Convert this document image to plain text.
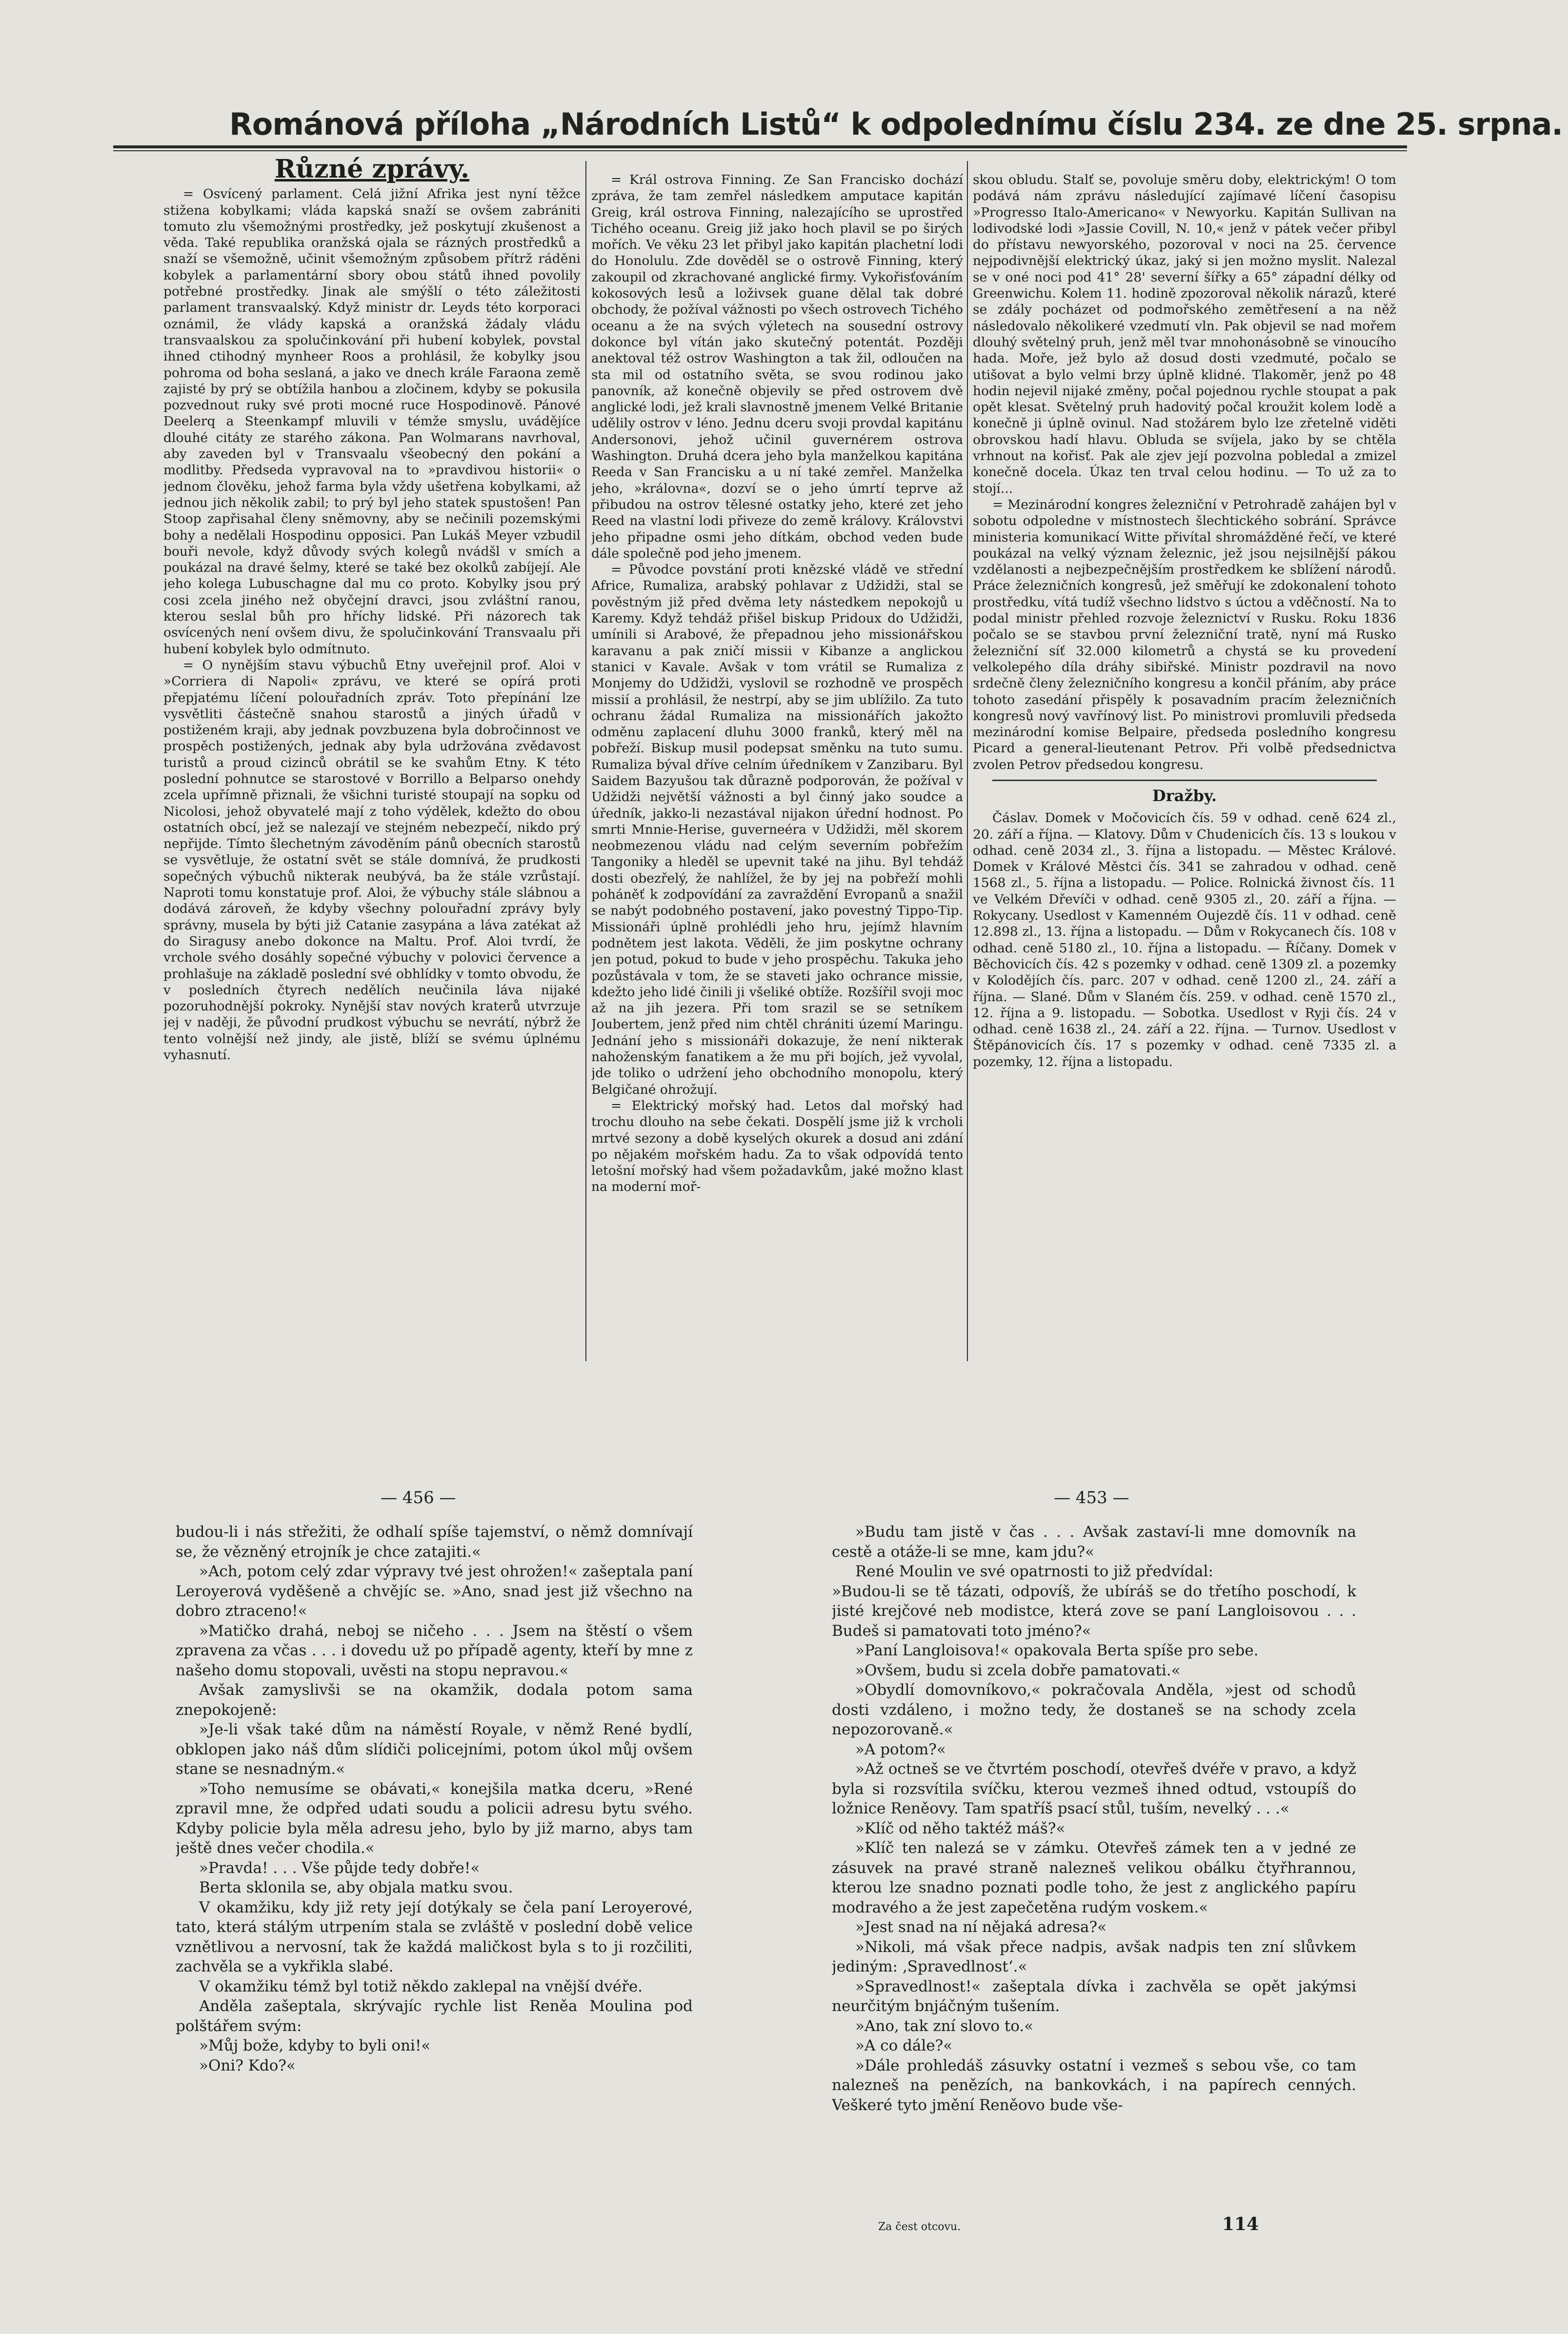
Románová příloha „Národních Listů“ k odpolednímu číslu 234. ze dne 25. srpna.
Různé zprávy.

= Osvícený parlament. Celá jižní Afrika jest nyní těžce stižena kobylkami; vláda kapská snaží se ovšem zabrániti tomuto zlu všemožnými prostředky, jež poskytují zkušenost a věda. Také republika oranžská ojala se rázných prostředků a snaží se všemožně, učinit všemožným způsobem přítrž ráděni kobylek a parlamentární sbory obou států ihned povolily potřebné prostředky. Jinak ale smýšlí o této záležitosti parlament transvaalský. Když ministr dr. Leyds této korporaci oznámil, že vlády kapská a oranžská žádaly vládu transvaalskou za spolučinkování při hubení kobylek, povstal ihned ctihodný mynheer Roos a prohlásil, že kobylky jsou pohroma od boha seslaná, a jako ve dnech krále Faraona země zajisté by prý se obtížila hanbou a zločinem, kdyby se pokusila pozvednout ruky své proti mocné ruce Hospodinově. Pánové Deelerq a Steenkampf mluvili v témže smyslu, uvádějíce dlouhé citáty ze starého zákona. Pan Wolmarans navrhoval, aby zaveden byl v Transvaalu všeobecný den pokání a modlitby. Předseda vypravoval na to »pravdivou historii« o jednom člověku, jehož farma byla vždy ušetřena kobylkami, až jednou jich několik zabil; to prý byl jeho statek spustošen! Pan Stoop zapřisahal členy sněmovny, aby se nečinili pozemskými bohy a nedělali Hospodinu opposici. Pan Lukáš Meyer vzbudil bouři nevole, když důvody svých kolegů nvádšl v smích a poukázal na dravé šelmy, které se také bez okolků zabíjejí. Ale jeho kolega Lubuschagne dal mu co proto. Kobylky jsou prý cosi zcela jiného než obyčejní dravci, jsou zvláštní ranou, kterou seslal bůh pro hříchy lidské. Při názorech tak osvícených není ovšem divu, že spolučinkování Transvaalu při hubení kobylek bylo odmítnuto.

= O nynějším stavu výbuchů Etny uveřejnil prof. Aloi v »Corriera di Napoli« zprávu, ve které se opírá proti přepjatému líčení polouřadních zpráv. Toto přepínání lze vysvětliti částečně snahou starostů a jiných úřadů v postiženém kraji, aby jednak povzbuzena byla dobročinnost ve prospěch postižených, jednak aby byla udržována zvědavost turistů a proud cizinců obrátil se ke svahům Etny. K této poslední pohnutce se starostové v Borrillo a Belparso onehdy zcela upřímně přiznali, že všichni turisté stoupají na sopku od Nicolosi, jehož obyvatelé mají z toho výdělek, kdežto do obou ostatních obcí, jež se nalezají ve stejném nebezpečí, nikdo prý nepřijde. Tímto šlechetným závoděním pánů obecních starostů se vysvětluje, že ostatní svět se stále domnívá, že prudkosti sopečných výbuchů nikterak neubývá, ba že stále vzrůstají. Naproti tomu konstatuje prof. Aloi, že výbuchy stále slábnou a dodává zároveň, že kdyby všechny polouřadní zprávy byly správny, musela by býti již Catanie zasypána a láva zatékat až do Siragusy anebo dokonce na Maltu. Prof. Aloi tvrdí, že vrchole svého dosáhly sopečné výbuchy v polovici července a prohlašuje na základě poslední své obhlídky v tomto obvodu, že v posledních čtyrech nedělích neučinila láva nijaké pozoruhodnější pokroky. Nynější stav nových kraterů utvrzuje jej v naději, že původní prudkost výbuchu se nevrátí, nýbrž že tento volnější než jindy, ale jistě, blíží se svému úplnému vyhasnutí.

= Král ostrova Finning. Ze San Francisko dochází zpráva, že tam zemřel následkem amputace kapitán Greig, král ostrova Finning, nalezajícího se uprostřed Tichého oceanu. Greig již jako hoch plavil se po širých mořích. Ve věku 23 let přibyl jako kapitán plachetní lodi do Honolulu. Zde dověděl se o ostrově Finning, který zakoupil od zkrachované anglické firmy. Vykořisťováním kokosových lesů a loživsek guane dělal tak dobré obchody, že požíval vážnosti po všech ostrovech Tichého oceanu a že na svých výletech na sousední ostrovy dokonce byl vítán jako skutečný potentát. Později anektoval též ostrov Washington a tak žil, odloučen na sta mil od ostatního světa, se svou rodinou jako panovník, až konečně objevily se před ostrovem dvě anglické lodi, jež krali slavnostně jmenem Velké Britanie udělily ostrov v léno. Jednu dceru svoji provdal kapitánu Andersonovi, jehož učinil guvernérem ostrova Washington. Druhá dcera jeho byla manželkou kapitána Reeda v San Francisku a u ní také zemřel. Manželka jeho, »královna«, dozví se o jeho úmrtí teprve až přibudou na ostrov tělesné ostatky jeho, které zet jeho Reed na vlastní lodi přiveze do země královy. Královstvi jeho připadne osmi jeho dítkám, obchod veden bude dále společně pod jeho jmenem.

= Původce povstání proti knězské vládě ve střední Africe, Rumaliza, arabský pohlavar z Udžidži, stal se pověstným již před dvěma lety nástedkem nepokojů u Karemy. Když tehdáž přišel biskup Pridoux do Udžidži, umínili si Arabové, že přepadnou jeho missionářskou karavanu a pak zničí missii v Kibanze a anglickou stanici v Kavale. Avšak v tom vrátil se Rumaliza z Monjemy do Udžidži, vyslovil se rozhodně ve prospěch missií a prohlásil, že nestrpí, aby se jim ublížilo. Za tuto ochranu žádal Rumaliza na missionářích jakožto odměnu zaplacení dluhu 3000 franků, který měl na pobřeží. Biskup musil podepsat směnku na tuto sumu. Rumaliza býval dříve celním úředníkem v Zanzibaru. Byl Saidem Bazyušou tak důrazně podporován, že požíval v Udžidži největší vážnosti a byl činný jako soudce a úředník, jakko-li nezastával nijakon úřední hodnost. Po smrti Mnnie-Herise, guverneéra v Udžidži, měl skorem neobmezenou vládu nad celým severním pobřežím Tangoniky a hleděl se upevnit také na jihu. Byl tehdáž dosti obezřelý, že nahlížel, že by jej na pobřeží mohli poháněť k zodpovídání za zavraždění Evropanů a snažil se nabýt podobného postavení, jako povestný Tippo-Tip. Missionáři úplně prohlédli jeho hru, jejímž hlavním podnětem jest lakota. Věděli, že jim poskytne ochrany jen potud, pokud to bude v jeho prospěchu. Takuka jeho pozůstávala v tom, že se staveti jako ochrance missie, kdežto jeho lidé činili ji všeliké obtíže. Rozšířil svoji moc až na jih jezera. Při tom srazil se se setníkem Joubertem, jenž před nim chtěl chrániti území Maringu. Jednání jeho s missionáři dokazuje, že není nikterak nahoženským fanatikem a že mu při bojích, jež vyvolal, jde toliko o udržení jeho obchodního monopolu, který Belgičané ohrožují.

= Elektrický mořský had. Letos dal mořský had trochu dlouho na sebe čekati. Dospělí jsme již k vrcholi mrtvé sezony a době kyselých okurek a dosud ani zdání po nějakém mořském hadu. Za to však odpovídá tento letošní mořský had všem požadavkům, jaké možno klast na moderní moř-

skou obludu. Stalť se, povoluje směru doby, elektrickým! O tom podává nám zprávu následující zajímavé líčení časopisu »Progresso Italo-Americano« v Newyorku. Kapitán Sullivan na lodivodské lodi »Jassie Covill, N. 10,« jenž v pátek večer přibyl do přístavu newyorského, pozoroval v noci na 25. července nejpodivnější elektrický úkaz, jaký si jen možno myslit. Nalezal se v oné noci pod 41° 28' severní šířky a 65° západní délky od Greenwichu. Kolem 11. hodině zpozoroval několik nárazů, které se zdály pocházet od podmořského zemětřesení a na něž následovalo několikeré vzedmutí vln. Pak objevil se nad mořem dlouhý světelný pruh, jenž měl tvar mnohonásobně se vinoucího hada. Moře, jež bylo až dosud dosti vzedmuté, počalo se utišovat a bylo velmi brzy úplně klidné. Tlakoměr, jenž po 48 hodin nejevil nijaké změny, počal pojednou rychle stoupat a pak opět klesat. Světelný pruh hadovitý počal kroužit kolem lodě a konečně ji úplně ovinul. Nad stožárem bylo lze zřetelně viděti obrovskou hadí hlavu. Obluda se svíjela, jako by se chtěla vrhnout na kořisť. Pak ale zjev její pozvolna pobledal a zmizel konečně docela. Úkaz ten trval celou hodinu. — To už za to stojí...

= Mezinárodní kongres železniční v Petrohradě zahájen byl v sobotu odpoledne v místnostech šlechtického sobrání. Správce ministeria komunikací Witte přivítal shromážděné řečí, ve které poukázal na velký význam železnic, jež jsou nejsilnější pákou vzdělanosti a nejbezpečnějším prostředkem ke sblížení národů. Práce železničních kongresů, jež směřují ke zdokonalení tohoto prostředku, vítá tudíž všechno lidstvo s úctou a vděčností. Na to podal ministr přehled rozvoje železnictví v Rusku. Roku 1836 počalo se se stavbou první železniční tratě, nyní má Rusko železniční síť 32.000 kilometrů a chystá se ku provedení velkolepého díla dráhy sibiřské. Ministr pozdravil na novo srdečně členy železničního kongresu a končil přáním, aby práce tohoto zasedání přispěly k posavadním pracím železničních kongresů nový vavřínový list. Po ministrovi promluvili předseda mezinárodní komise Belpaire, předseda posledního kongresu Picard a general-lieutenant Petrov. Při volbě předsednictva zvolen Petrov předsedou kongresu.

Dražby.

Čáslav. Domek v Močovicích čís. 59 v odhad. ceně 624 zl., 20. září a října. — Klatovy. Dům v Chudenicích čís. 13 s loukou v odhad. ceně 2034 zl., 3. října a listopadu. — Městec Králové. Domek v Králové Městci čís. 341 se zahradou v odhad. ceně 1568 zl., 5. října a listopadu. — Police. Rolnická živnost čís. 11 ve Velkém Dřevíči v odhad. ceně 9305 zl., 20. září a října. — Rokycany. Usedlost v Kamenném Oujezdě čís. 11 v odhad. ceně 12.898 zl., 13. října a listopadu. — Dům v Rokycanech čís. 108 v odhad. ceně 5180 zl., 10. října a listopadu. — Říčany. Domek v Běchovicích čís. 42 s pozemky v odhad. ceně 1309 zl. a pozemky v Kolodějích čís. parc. 207 v odhad. ceně 1200 zl., 24. září a října. — Slané. Dům v Slaném čís. 259. v odhad. ceně 1570 zl., 12. října a 9. listopadu. — Sobotka. Usedlost v Ryji čís. 24 v odhad. ceně 1638 zl., 24. září a 22. října. — Turnov. Usedlost v Štěpánovicích čís. 17 s pozemky v odhad. ceně 7335 zl. a pozemky, 12. října a listopadu.

— 456 —	— 453 —

budou-li i nás střežiti, že odhalí spíše tajemství, o němž domnívají se, že vězněný etrojník je chce zatajiti.«

»Ach, potom celý zdar výpravy tvé jest ohrožen!« zašeptala paní Leroyerová vyděšeně a chvějíc se. »Ano, snad jest již všechno na dobro ztraceno!«

»Matičko drahá, neboj se ničeho . . . Jsem na štěstí o všem zpravena za včas . . . i dovedu už po případě agenty, kteří by mne z našeho domu stopovali, uvěsti na stopu nepravou.«

Avšak zamyslivši se na okamžik, dodala potom sama znepokojeně:

»Je-li však také dům na náměstí Royale, v němž René bydlí, obklopen jako náš dům slídiči policejními, potom úkol můj ovšem stane se nesnadným.«

»Toho nemusíme se obávati,« konejšila matka dceru, »René zpravil mne, že odpřed udati soudu a policii adresu bytu svého. Kdyby policie byla měla adresu jeho, bylo by již marno, abys tam ještě dnes večer chodila.«

»Pravda! . . . Vše půjde tedy dobře!«

Berta sklonila se, aby objala matku svou.

V okamžiku, kdy již rety její dotýkaly se čela paní Leroyerové, tato, která stálým utrpením stala se zvláště v poslední době velice vznětlivou a nervosní, tak že každá maličkost byla s to ji rozčiliti, zachvěla se a vykřikla slabé.

V okamžiku témž byl totiž někdo zaklepal na vnější dvéře.

Anděla zašeptala, skrývajíc rychle list Reněa Moulina pod polštářem svým:

»Můj bože, kdyby to byli oni!«

»Oni? Kdo?«

»Budu tam jistě v čas . . . Avšak zastaví-li mne domovník na cestě a otáže-li se mne, kam jdu?«

René Moulin ve své opatrnosti to již předvídal:

»Budou-li se tě tázati, odpovíš, že ubíráš se do třetího poschodí, k jisté krejčové neb modistce, která zove se paní Langloisovou . . . Budeš si pamatovati toto jméno?«

»Paní Langloisova!« opakovala Berta spíše pro sebe.

»Ovšem, budu si zcela dobře pamatovati.«

»Obydlí domovníkovo,« pokračovala Anděla, »jest od schodů dosti vzdáleno, i možno tedy, že dostaneš se na schody zcela nepozorovaně.«

»A potom?«

»Až octneš se ve čtvrtém poschodí, otevřeš dvéře v pravo, a když byla si rozsvítila svíčku, kterou vezmeš ihned odtud, vstoupíš do ložnice Reněovy. Tam spatříš psací stůl, tuším, nevelký . . .«

»Klíč od něho taktéž máš?«

»Klíč ten nalezá se v zámku. Otevřeš zámek ten a v jedné ze zásuvek na pravé straně nalezneš velikou obálku čtyřhrannou, kterou lze snadno poznati podle toho, že jest z anglického papíru modravého a že jest zapečetěna rudým voskem.«

»Jest snad na ní nějaká adresa?«

»Nikoli, má však přece nadpis, avšak nadpis ten zní slůvkem jediným: ‚Spravedlnost‘.«

»Spravedlnost!« zašeptala dívka i zachvěla se opět jakýmsi neurčitým bnjáčným tušením.

»Ano, tak zní slovo to.«

»A co dále?«

»Dále prohledáš zásuvky ostatní i vezmeš s sebou vše, co tam nalezneš na penězích, na bankovkách, i na papírech cenných. Veškeré tyto jmění Reněovo bude vše-

Za čest otcovu.	114
